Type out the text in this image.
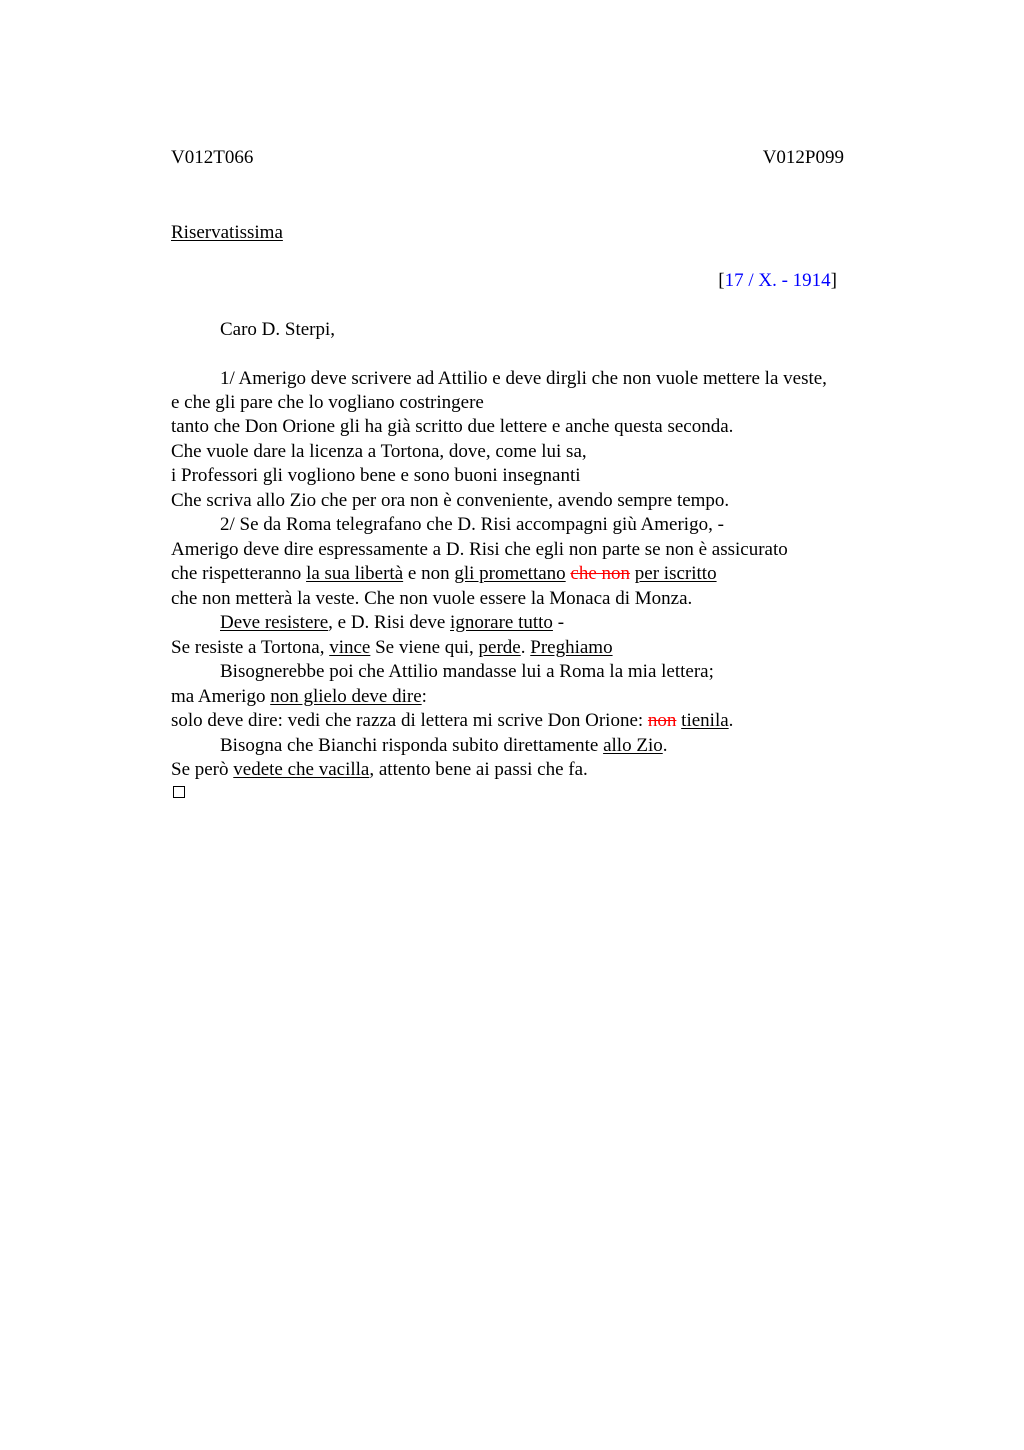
V012T066	V012P099
Riservatissima
[17 / X. - 1914]
Caro D. Sterpi,
1/ Amerigo deve scrivere ad Attilio e deve dirgli che non vuole mettere la veste,
e che gli pare che lo vogliano costringere
tanto che Don Orione gli ha già scritto due lettere e anche questa seconda.
Che vuole dare la licenza a Tortona, dove, come lui sa,
i Professori gli vogliono bene e sono buoni insegnanti
Che scriva allo Zio che per ora non è conveniente, avendo sempre tempo.
2/ Se da Roma telegrafano che D. Risi accompagni giù Amerigo, -
Amerigo deve dire espressamente a D. Risi che egli non parte se non è assicurato
che rispetteranno la sua libertà e non gli promettano che non per iscritto
che non metterà la veste. Che non vuole essere la Monaca di Monza.
Deve resistere, e D. Risi deve ignorare tutto -
Se resiste a Tortona, vince Se viene qui, perde. Preghiamo
Bisognerebbe poi che Attilio mandasse lui a Roma la mia lettera;
ma Amerigo non glielo deve dire:
solo deve dire: vedi che razza di lettera mi scrive Don Orione: non tienila.
Bisogna che Bianchi risponda subito direttamente allo Zio.
Se però vedete che vacilla, attento bene ai passi che fa.
